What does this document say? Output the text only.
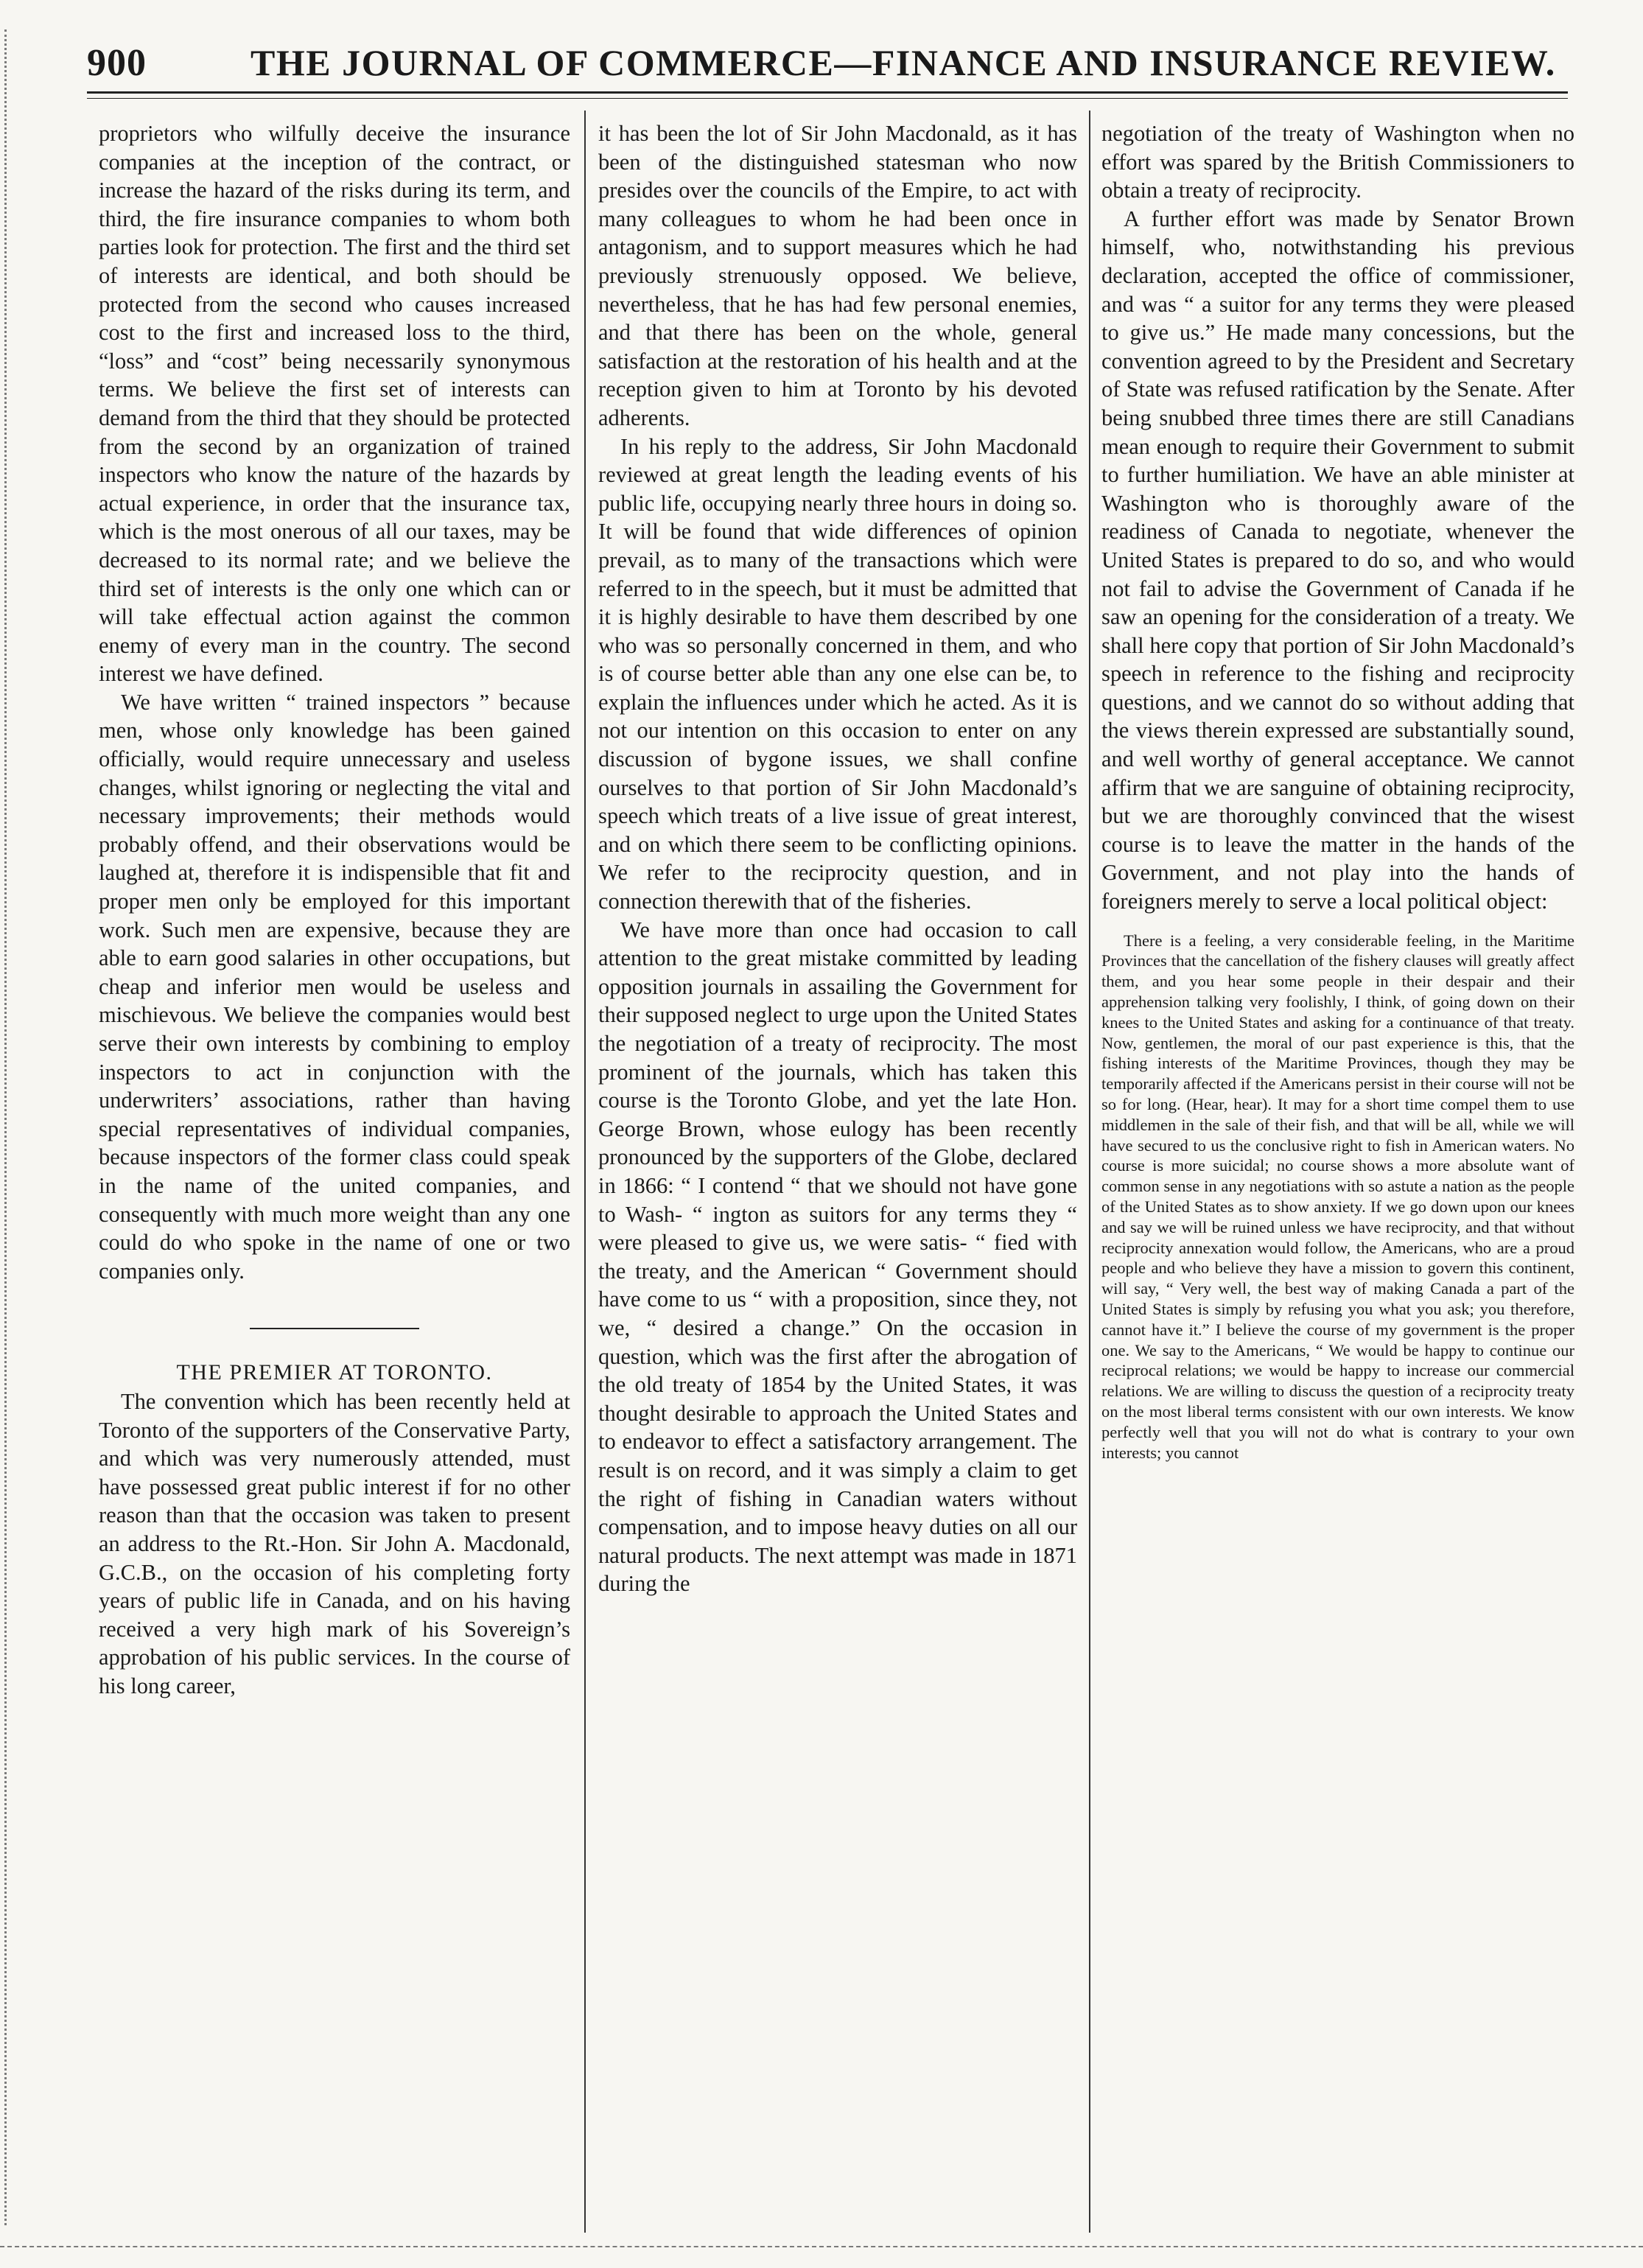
900	THE JOURNAL OF COMMERCE—FINANCE AND INSURANCE REVIEW.

proprietors who wilfully deceive the insurance companies at the inception of the contract, or increase the hazard of the risks during its term, and third, the fire insurance companies to whom both parties look for protection. The first and the third set of interests are identical, and both should be protected from the second who causes increased cost to the first and increased loss to the third, “loss” and “cost” being necessarily synonymous terms. We believe the first set of interests can demand from the third that they should be protected from the second by an organization of trained inspectors who know the nature of the hazards by actual experience, in order that the insurance tax, which is the most onerous of all our taxes, may be decreased to its normal rate; and we believe the third set of interests is the only one which can or will take effectual action against the common enemy of every man in the country. The second interest we have defined.

We have written “ trained inspectors ” because men, whose only knowledge has been gained officially, would require unnecessary and useless changes, whilst ignoring or neglecting the vital and necessary improvements; their methods would probably offend, and their observations would be laughed at, therefore it is indispensible that fit and proper men only be employed for this important work. Such men are expensive, because they are able to earn good salaries in other occupations, but cheap and inferior men would be useless and mischievous. We believe the companies would best serve their own interests by combining to employ inspectors to act in conjunction with the underwriters’ associations, rather than having special representatives of individual companies, because inspectors of the former class could speak in the name of the united companies, and consequently with much more weight than any one could do who spoke in the name of one or two companies only.

THE PREMIER AT TORONTO.

The convention which has been recently held at Toronto of the supporters of the Conservative Party, and which was very numerously attended, must have possessed great public interest if for no other reason than that the occasion was taken to present an address to the Rt.-Hon. Sir John A. Macdonald, G.C.B., on the occasion of his completing forty years of public life in Canada, and on his having received a very high mark of his Sovereign’s approbation of his public services. In the course of his long career,

it has been the lot of Sir John Macdonald, as it has been of the distinguished statesman who now presides over the councils of the Empire, to act with many colleagues to whom he had been once in antagonism, and to support measures which he had previously strenuously opposed. We believe, nevertheless, that he has had few personal enemies, and that there has been on the whole, general satisfaction at the restoration of his health and at the reception given to him at Toronto by his devoted adherents.

In his reply to the address, Sir John Macdonald reviewed at great length the leading events of his public life, occupying nearly three hours in doing so. It will be found that wide differences of opinion prevail, as to many of the transactions which were referred to in the speech, but it must be admitted that it is highly desirable to have them described by one who was so personally concerned in them, and who is of course better able than any one else can be, to explain the influences under which he acted. As it is not our intention on this occasion to enter on any discussion of bygone issues, we shall confine ourselves to that portion of Sir John Macdonald’s speech which treats of a live issue of great interest, and on which there seem to be conflicting opinions. We refer to the reciprocity question, and in connection therewith that of the fisheries.

We have more than once had occasion to call attention to the great mistake committed by leading opposition journals in assailing the Government for their supposed neglect to urge upon the United States the negotiation of a treaty of reciprocity. The most prominent of the journals, which has taken this course is the Toronto Globe, and yet the late Hon. George Brown, whose eulogy has been recently pronounced by the supporters of the Globe, declared in 1866: “ I contend “ that we should not have gone to Wash- “ ington as suitors for any terms they “ were pleased to give us, we were satis- “ fied with the treaty, and the American “ Government should have come to us “ with a proposition, since they, not we, “ desired a change.” On the occasion in question, which was the first after the abrogation of the old treaty of 1854 by the United States, it was thought desirable to approach the United States and to endeavor to effect a satisfactory arrangement. The result is on record, and it was simply a claim to get the right of fishing in Canadian waters without compensation, and to impose heavy duties on all our natural products. The next attempt was made in 1871 during the

negotiation of the treaty of Washington when no effort was spared by the British Commissioners to obtain a treaty of reciprocity.

A further effort was made by Senator Brown himself, who, notwithstanding his previous declaration, accepted the office of commissioner, and was “ a suitor for any terms they were pleased to give us.” He made many concessions, but the convention agreed to by the President and Secretary of State was refused ratification by the Senate. After being snubbed three times there are still Canadians mean enough to require their Government to submit to further humiliation. We have an able minister at Washington who is thoroughly aware of the readiness of Canada to negotiate, whenever the United States is prepared to do so, and who would not fail to advise the Government of Canada if he saw an opening for the consideration of a treaty. We shall here copy that portion of Sir John Macdonald’s speech in reference to the fishing and reciprocity questions, and we cannot do so without adding that the views therein expressed are substantially sound, and well worthy of general acceptance. We cannot affirm that we are sanguine of obtaining reciprocity, but we are thoroughly convinced that the wisest course is to leave the matter in the hands of the Government, and not play into the hands of foreigners merely to serve a local political object:

There is a feeling, a very considerable feeling, in the Maritime Provinces that the cancellation of the fishery clauses will greatly affect them, and you hear some people in their despair and their apprehension talking very foolishly, I think, of going down on their knees to the United States and asking for a continuance of that treaty. Now, gentlemen, the moral of our past experience is this, that the fishing interests of the Maritime Provinces, though they may be temporarily affected if the Americans persist in their course will not be so for long. (Hear, hear). It may for a short time compel them to use middlemen in the sale of their fish, and that will be all, while we will have secured to us the conclusive right to fish in American waters. No course is more suicidal; no course shows a more absolute want of common sense in any negotiations with so astute a nation as the people of the United States as to show anxiety. If we go down upon our knees and say we will be ruined unless we have reciprocity, and that without reciprocity annexation would follow, the Americans, who are a proud people and who believe they have a mission to govern this continent, will say, “ Very well, the best way of making Canada a part of the United States is simply by refusing you what you ask; you therefore, cannot have it.” I believe the course of my government is the proper one. We say to the Americans, “ We would be happy to continue our reciprocal relations; we would be happy to increase our commercial relations. We are willing to discuss the question of a reciprocity treaty on the most liberal terms consistent with our own interests. We know perfectly well that you will not do what is contrary to your own interests; you cannot
